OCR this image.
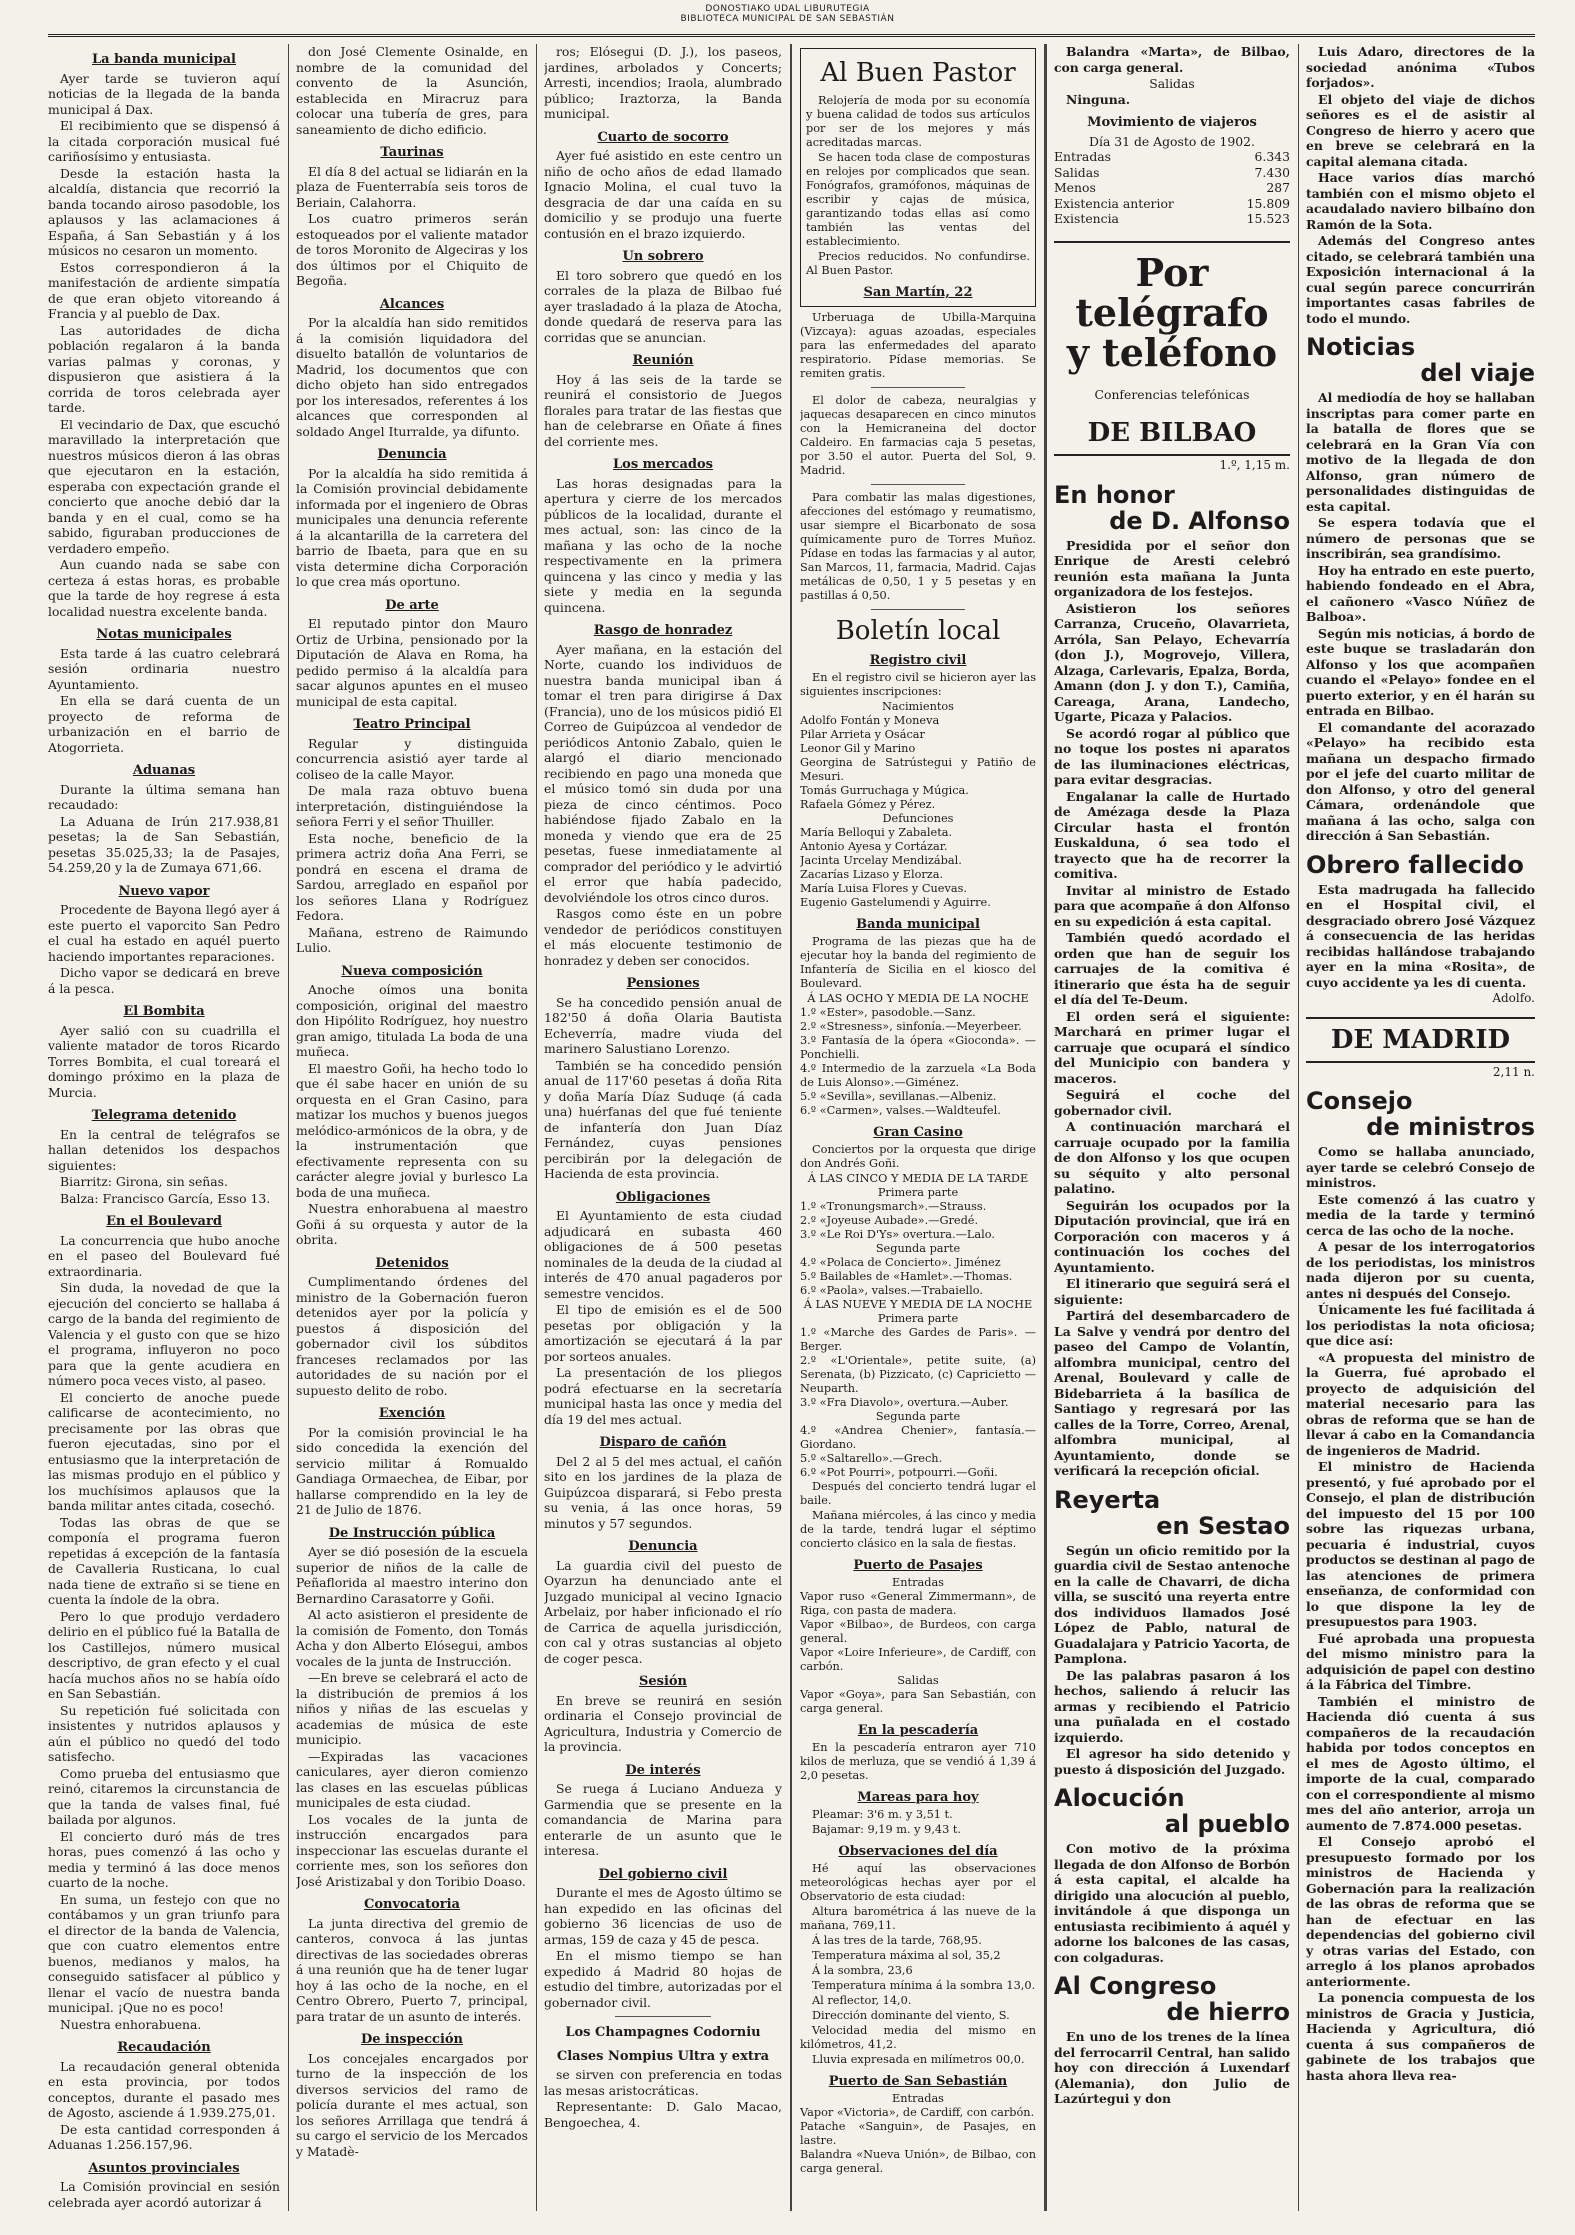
DONOSTIAKO UDAL LIBURUTEGIA
BIBLIOTECA MUNICIPAL DE SAN SEBASTIÁN
La banda municipal

Ayer tarde se tuvieron aquí noticias de la llegada de la banda municipal á Dax.

El recibimiento que se dispensó á la citada corporación musical fué cariñosísimo y entusiasta.

Desde la estación hasta la alcaldía, distancia que recorrió la banda tocando airoso pasodoble, los aplausos y las aclamaciones á España, á San Sebastián y á los músicos no cesaron un momento.

Estos correspondieron á la manifestación de ardiente simpatía de que eran objeto vitoreando á Francia y al pueblo de Dax.

Las autoridades de dicha población regalaron á la banda varias palmas y coronas, y dispusieron que asistiera á la corrida de toros celebrada ayer tarde.

El vecindario de Dax, que escuchó maravillado la interpretación que nuestros músicos dieron á las obras que ejecutaron en la estación, esperaba con expectación grande el concierto que anoche debió dar la banda y en el cual, como se ha sabido, figuraban producciones de verdadero empeño.

Aun cuando nada se sabe con certeza á estas horas, es probable que la tarde de hoy regrese á esta localidad nuestra excelente banda.

Notas municipales

Esta tarde á las cuatro celebrará sesión ordinaria nuestro Ayuntamiento.

En ella se dará cuenta de un proyecto de reforma de urbanización en el barrio de Atogorrieta.

Aduanas

Durante la última semana han recaudado:

La Aduana de Irún 217.938,81 pesetas; la de San Sebastián, pesetas 35.025,33; la de Pasajes, 54.259,20 y la de Zumaya 671,66.

Nuevo vapor

Procedente de Bayona llegó ayer á este puerto el vaporcito San Pedro el cual ha estado en aquél puerto haciendo importantes reparaciones.

Dicho vapor se dedicará en breve á la pesca.

El Bombita

Ayer salió con su cuadrilla el valiente matador de toros Ricardo Torres Bombita, el cual toreará el domingo próximo en la plaza de Murcia.

Telegrama detenido

En la central de telégrafos se hallan detenidos los despachos siguientes:

Biarritz: Girona, sin señas.

Balza: Francisco García, Esso 13.

En el Boulevard

La concurrencia que hubo anoche en el paseo del Boulevard fué extraordinaria.

Sin duda, la novedad de que la ejecución del concierto se hallaba á cargo de la banda del regimiento de Valencia y el gusto con que se hizo el programa, influyeron no poco para que la gente acudiera en número poca veces visto, al paseo.

El concierto de anoche puede calificarse de acontecimiento, no precisamente por las obras que fueron ejecutadas, sino por el entusiasmo que la interpretación de las mismas produjo en el público y los muchísimos aplausos que la banda militar antes citada, cosechó.

Todas las obras de que se componía el programa fueron repetidas á excepción de la fantasía de Cavalleria Rusticana, lo cual nada tiene de extraño si se tiene en cuenta la índole de la obra.

Pero lo que produjo verdadero delirio en el público fué la Batalla de los Castillejos, número musical descriptivo, de gran efecto y el cual hacía muchos años no se había oído en San Sebastián.

Su repetición fué solicitada con insistentes y nutridos aplausos y aún el público no quedó del todo satisfecho.

Como prueba del entusiasmo que reinó, citaremos la circunstancia de que la tanda de valses final, fué bailada por algunos.

El concierto duró más de tres horas, pues comenzó á las ocho y media y terminó á las doce menos cuarto de la noche.

En suma, un festejo con que no contábamos y un gran triunfo para el director de la banda de Valencia, que con cuatro elementos entre buenos, medianos y malos, ha conseguido satisfacer al público y llenar el vacío de nuestra banda municipal. ¡Que no es poco!

Nuestra enhorabuena.

Recaudación

La recaudación general obtenida en esta provincia, por todos conceptos, durante el pasado mes de Agosto, asciende á 1.939.275,01.

De esta cantidad corresponden á Aduanas 1.256.157,96.

Asuntos provinciales

La Comisión provincial en sesión celebrada ayer acordó autorizar á

don José Clemente Osinalde, en nombre de la comunidad del convento de la Asunción, establecida en Miracruz para colocar una tubería de gres, para saneamiento de dicho edificio.

Taurinas

El día 8 del actual se lidiarán en la plaza de Fuenterrabía seis toros de Beriain, Calahorra.

Los cuatro primeros serán estoqueados por el valiente matador de toros Moronito de Algeciras y los dos últimos por el Chiquito de Begoña.

Alcances

Por la alcaldía han sido remitidos á la comisión liquidadora del disuelto batallón de voluntarios de Madrid, los documentos que con dicho objeto han sido entregados por los interesados, referentes á los alcances que corresponden al soldado Angel Iturralde, ya difunto.

Denuncia

Por la alcaldía ha sido remitida á la Comisión provincial debidamente informada por el ingeniero de Obras municipales una denuncia referente á la alcantarilla de la carretera del barrio de Ibaeta, para que en su vista determine dicha Corporación lo que crea más oportuno.

De arte

El reputado pintor don Mauro Ortiz de Urbina, pensionado por la Diputación de Alava en Roma, ha pedido permiso á la alcaldía para sacar algunos apuntes en el museo municipal de esta capital.

Teatro Principal

Regular y distinguida concurrencia asistió ayer tarde al coliseo de la calle Mayor.

De mala raza obtuvo buena interpretación, distinguiéndose la señora Ferri y el señor Thuiller.

Esta noche, beneficio de la primera actriz doña Ana Ferri, se pondrá en escena el drama de Sardou, arreglado en español por los señores Llana y Rodríguez Fedora.

Mañana, estreno de Raimundo Lulio.

Nueva composición

Anoche oímos una bonita composición, original del maestro don Hipólito Rodríguez, hoy nuestro gran amigo, titulada La boda de una muñeca.

El maestro Goñi, ha hecho todo lo que él sabe hacer en unión de su orquesta en el Gran Casino, para matizar los muchos y buenos juegos melódico-armónicos de la obra, y de la instrumentación que efectivamente representa con su carácter alegre jovial y burlesco La boda de una muñeca.

Nuestra enhorabuena al maestro Goñi á su orquesta y autor de la obrita.

Detenidos

Cumplimentando órdenes del ministro de la Gobernación fueron detenidos ayer por la policía y puestos á disposición del gobernador civil los súbditos franceses reclamados por las autoridades de su nación por el supuesto delito de robo.

Exención

Por la comisión provincial le ha sido concedida la exención del servicio militar á Romualdo Gandiaga Ormaechea, de Eibar, por hallarse comprendido en la ley de 21 de Julio de 1876.

De Instrucción pública

Ayer se dió posesión de la escuela superior de niños de la calle de Peñaflorida al maestro interino don Bernardino Carasatorre y Goñi.

Al acto asistieron el presidente de la comisión de Fomento, don Tomás Acha y don Alberto Elósegui, ambos vocales de la junta de Instrucción.

—En breve se celebrará el acto de la distribución de premios á los niños y niñas de las escuelas y academias de música de este municipio.

—Expiradas las vacaciones caniculares, ayer dieron comienzo las clases en las escuelas públicas municipales de esta ciudad.

Los vocales de la junta de instrucción encargados para inspeccionar las escuelas durante el corriente mes, son los señores don José Aristizabal y don Toribio Doaso.

Convocatoria

La junta directiva del gremio de canteros, convoca á las juntas directivas de las sociedades obreras á una reunión que ha de tener lugar hoy á las ocho de la noche, en el Centro Obrero, Puerto 7, principal, para tratar de un asunto de interés.

De inspección

Los concejales encargados por turno de la inspección de los diversos servicios del ramo de policía durante el mes actual, son los señores Arrillaga que tendrá á su cargo el servicio de los Mercados y Matadè-

ros; Elósegui (D. J.), los paseos, jardines, arbolados y Concerts; Arresti, incendios; Iraola, alumbrado público; Iraztorza, la Banda municipal.

Cuarto de socorro

Ayer fué asistido en este centro un niño de ocho años de edad llamado Ignacio Molina, el cual tuvo la desgracia de dar una caída en su domicilio y se produjo una fuerte contusión en el brazo izquierdo.

Un sobrero

El toro sobrero que quedó en los corrales de la plaza de Bilbao fué ayer trasladado á la plaza de Atocha, donde quedará de reserva para las corridas que se anuncian.

Reunión

Hoy á las seis de la tarde se reunirá el consistorio de Juegos florales para tratar de las fiestas que han de celebrarse en Oñate á fines del corriente mes.

Los mercados

Las horas designadas para la apertura y cierre de los mercados públicos de la localidad, durante el mes actual, son: las cinco de la mañana y las ocho de la noche respectivamente en la primera quincena y las cinco y media y las siete y media en la segunda quincena.

Rasgo de honradez

Ayer mañana, en la estación del Norte, cuando los individuos de nuestra banda municipal iban á tomar el tren para dirigirse á Dax (Francia), uno de los músicos pidió El Correo de Guipúzcoa al vendedor de periódicos Antonio Zabalo, quien le alargó el diario mencionado recibiendo en pago una moneda que el músico tomó sin duda por una pieza de cinco céntimos. Poco habiéndose fijado Zabalo en la moneda y viendo que era de 25 pesetas, fuese inmediatamente al comprador del periódico y le advirtió el error que había padecido, devolviéndole los otros cinco duros.

Rasgos como éste en un pobre vendedor de periódicos constituyen el más elocuente testimonio de honradez y deben ser conocidos.

Pensiones

Se ha concedido pensión anual de 182'50 á doña Olaria Bautista Echeverría, madre viuda del marinero Salustiano Lorenzo.

También se ha concedido pensión anual de 117'60 pesetas á doña Rita y doña María Díaz Suduqe (á cada una) huérfanas del que fué teniente de infantería don Juan Díaz Fernández, cuyas pensiones percibirán por la delegación de Hacienda de esta provincia.

Obligaciones

El Ayuntamiento de esta ciudad adjudicará en subasta 460 obligaciones de á 500 pesetas nominales de la deuda de la ciudad al interés de 470 anual pagaderos por semestre vencidos.

El tipo de emisión es el de 500 pesetas por obligación y la amortización se ejecutará á la par por sorteos anuales.

La presentación de los pliegos podrá efectuarse en la secretaría municipal hasta las once y media del día 19 del mes actual.

Disparo de cañón

Del 2 al 5 del mes actual, el cañón sito en los jardines de la plaza de Guipúzcoa disparará, si Febo presta su venia, á las once horas, 59 minutos y 57 segundos.

Denuncia

La guardia civil del puesto de Oyarzun ha denunciado ante el Juzgado municipal al vecino Ignacio Arbelaiz, por haber inficionado el río de Carrica de aquella jurisdicción, con cal y otras sustancias al objeto de coger pesca.

Sesión

En breve se reunirá en sesión ordinaria el Consejo provincial de Agricultura, Industria y Comercio de la provincia.

De interés

Se ruega á Luciano Andueza y Garmendia que se presente en la comandancia de Marina para enterarle de un asunto que le interesa.

Del gobierno civil

Durante el mes de Agosto último se han expedido en las oficinas del gobierno 36 licencias de uso de armas, 159 de caza y 45 de pesca.

En el mismo tiempo se han expedido á Madrid 80 hojas de estudio del timbre, autorizadas por el gobernador civil.

Los Champagnes Codorniu
Clases Nompius Ultra y extra

se sirven con preferencia en todas las mesas aristocráticas.

Representante: D. Galo Macao, Bengoechea, 4.

Al Buen Pastor

Relojería de moda por su economía y buena calidad de todos sus artículos por ser de los mejores y más acreditadas marcas.

Se hacen toda clase de composturas en relojes por complicados que sean. Fonógrafos, gramófonos, máquinas de escribir y cajas de música, garantizando todas ellas así como también las ventas del establecimiento.

Precios reducidos. No confundirse. Al Buen Pastor.

San Martín, 22

Urberuaga de Ubilla-Marquina (Vizcaya): aguas azoadas, especiales para las enfermedades del aparato respiratorio. Pídase memorias. Se remiten gratis.

El dolor de cabeza, neuralgias y jaquecas desaparecen en cinco minutos con la Hemicraneina del doctor Caldeiro. En farmacias caja 5 pesetas, por 3.50 el autor. Puerta del Sol, 9. Madrid.

Para combatir las malas digestiones, afecciones del estómago y reumatismo, usar siempre el Bicarbonato de sosa químicamente puro de Torres Muñoz. Pídase en todas las farmacias y al autor, San Marcos, 11, farmacia, Madrid. Cajas metálicas de 0,50, 1 y 5 pesetas y en pastillas á 0,50.

Boletín local
Registro civil

En el registro civil se hicieron ayer las siguientes inscripciones:

Nacimientos
Adolfo Fontán y Moneva
Pilar Arrieta y Osácar
Leonor Gil y Marino
Georgina de Satrústegui y Patiño de Mesuri.
Tomás Gurruchaga y Múgica.
Rafaela Gómez y Pérez.
Defunciones
María Belloqui y Zabaleta.
Antonio Ayesa y Cortázar.
Jacinta Urcelay Mendizábal.
Zacarías Lizaso y Elorza.
María Luisa Flores y Cuevas.
Eugenio Gastelumendi y Aguirre.
Banda municipal

Programa de las piezas que ha de ejecutar hoy la banda del regimiento de Infantería de Sicilia en el kiosco del Boulevard.

Á LAS OCHO Y MEDIA DE LA NOCHE
1.º «Ester», pasodoble.—Sanz.
2.º «Stresness», sinfonía.—Meyerbeer.
3.º Fantasía de la ópera «Gioconda». —Ponchielli.
4.º Intermedio de la zarzuela «La Boda de Luis Alonso».—Giménez.
5.º «Sevilla», sevillanas.—Albeniz.
6.º «Carmen», valses.—Waldteufel.
Gran Casino

Conciertos por la orquesta que dirige don Andrés Goñi.

Á LAS CINCO Y MEDIA DE LA TARDE
Primera parte
1.º «Tronungsmarch».—Strauss.
2.º «Joyeuse Aubade».—Gredé.
3.º «Le Roi D'Ys» overtura.—Lalo.
Segunda parte
4.º «Polaca de Concierto». Jiménez
5.º Bailables de «Hamlet».—Thomas.
6.º «Paola», valses.—Trabaiello.
Á LAS NUEVE Y MEDIA DE LA NOCHE
Primera parte
1.º «Marche des Gardes de Paris». —Berger.
2.º «L'Orientale», petite suite, (a) Serenata, (b) Pizzicato, (c) Capricietto —Neuparth.
3.º «Fra Diavolo», overtura.—Auber.
Segunda parte
4.º «Andrea Chenier», fantasía.—Giordano.
5.º «Saltarello».—Grech.
6.º «Pot Pourri», potpourri.—Goñi.

Después del concierto tendrá lugar el baile.

Mañana miércoles, á las cinco y media de la tarde, tendrá lugar el séptimo concierto clásico en la sala de fiestas.

Puerto de Pasajes
Entradas
Vapor ruso «General Zimmermann», de Riga, con pasta de madera.
Vapor «Bilbao», de Burdeos, con carga general.
Vapor «Loire Inferieure», de Cardiff, con carbón.
Salidas
Vapor «Goya», para San Sebastián, con carga general.
En la pescadería

En la pescadería entraron ayer 710 kilos de merluza, que se vendió á 1,39 á 2,0 pesetas.

Mareas para hoy

Pleamar: 3'6 m. y 3,51 t.

Bajamar: 9,19 m. y 9,43 t.

Observaciones del día

Hé aquí las observaciones meteorológicas hechas ayer por el Observatorio de esta ciudad:

Altura barométrica á las nueve de la mañana, 769,11.

Á las tres de la tarde, 768,95.

Temperatura máxima al sol, 35,2

Á la sombra, 23,6

Temperatura mínima á la sombra 13,0.

Al reflector, 14,0.

Dirección dominante del viento, S.

Velocidad media del mismo en kilómetros, 41,2.

Lluvia expresada en milímetros 00,0.

Puerto de San Sebastián
Entradas
Vapor «Victoria», de Cardiff, con carbón.
Patache «Sanguin», de Pasajes, en lastre.
Balandra «Nueva Unión», de Bilbao, con carga general.

Balandra «Marta», de Bilbao, con carga general.

Salidas

Ninguna.

Movimiento de viajeros
Día 31 de Agosto de 1902.
Entradas	6.343
Salidas	7.430
Menos	287
Existencia anterior	15.809
Existencia	15.523
Por telégrafo
y teléfono
Conferencias telefónicas
DE BILBAO
1.º, 1,15 m.
En honor

de D. Alfonso

Presidida por el señor don Enrique de Aresti celebró reunión esta mañana la Junta organizadora de los festejos.

Asistieron los señores Carranza, Cruceño, Olavarrieta, Arróla, San Pelayo, Echevarría (don J.), Mogrovejo, Villera, Alzaga, Carlevaris, Epalza, Borda, Amann (don J. y don T.), Camiña, Careaga, Arana, Landecho, Ugarte, Picaza y Palacios.

Se acordó rogar al público que no toque los postes ni aparatos de las iluminaciones eléctricas, para evitar desgracias.

Engalanar la calle de Hurtado de Amézaga desde la Plaza Circular hasta el frontón Euskalduna, ó sea todo el trayecto que ha de recorrer la comitiva.

Invitar al ministro de Estado para que acompañe á don Alfonso en su expedición á esta capital.

También quedó acordado el orden que han de seguir los carruajes de la comitiva é itinerario que ésta ha de seguir el día del Te-Deum.

El orden será el siguiente: Marchará en primer lugar el carruaje que ocupará el síndico del Municipio con bandera y maceros.

Seguirá el coche del gobernador civil.

A continuación marchará el carruaje ocupado por la familia de don Alfonso y los que ocupen su séquito y alto personal palatino.

Seguirán los ocupados por la Diputación provincial, que irá en Corporación con maceros y á continuación los coches del Ayuntamiento.

El itinerario que seguirá será el siguiente:

Partirá del desembarcadero de La Salve y vendrá por dentro del paseo del Campo de Volantín, alfombra municipal, centro del Arenal, Boulevard y calle de Bidebarrieta á la basílica de Santiago y regresará por las calles de la Torre, Correo, Arenal, alfombra municipal, al Ayuntamiento, donde se verificará la recepción oficial.

Reyerta

en Sestao

Según un oficio remitido por la guardia civil de Sestao antenoche en la calle de Chavarri, de dicha villa, se suscitó una reyerta entre dos individuos llamados José López de Pablo, natural de Guadalajara y Patricio Yacorta, de Pamplona.

De las palabras pasaron á los hechos, saliendo á relucir las armas y recibiendo el Patricio una puñalada en el costado izquierdo.

El agresor ha sido detenido y puesto á disposición del Juzgado.

Alocución

al pueblo

Con motivo de la próxima llegada de don Alfonso de Borbón á esta capital, el alcalde ha dirigido una alocución al pueblo, invitándole á que disponga un entusiasta recibimiento á aquél y adorne los balcones de las casas, con colgaduras.

Al Congreso

de hierro

En uno de los trenes de la línea del ferrocarril Central, han salido hoy con dirección á Luxendarf (Alemania), don Julio de Lazúrtegui y don

Luis Adaro, directores de la sociedad anónima «Tubos forjados».

El objeto del viaje de dichos señores es el de asistir al Congreso de hierro y acero que en breve se celebrará en la capital alemana citada.

Hace varios días marchó también con el mismo objeto el acaudalado naviero bilbaíno don Ramón de la Sota.

Además del Congreso antes citado, se celebrará también una Exposición internacional á la cual según parece concurrirán importantes casas fabriles de todo el mundo.

Noticias

del viaje

Al mediodía de hoy se hallaban inscriptas para comer parte en la batalla de flores que se celebrará en la Gran Vía con motivo de la llegada de don Alfonso, gran número de personalidades distinguidas de esta capital.

Se espera todavía que el número de personas que se inscribirán, sea grandísimo.

Hoy ha entrado en este puerto, habiendo fondeado en el Abra, el cañonero «Vasco Núñez de Balboa».

Según mis noticias, á bordo de este buque se trasladarán don Alfonso y los que acompañen cuando el «Pelayo» fondee en el puerto exterior, y en él harán su entrada en Bilbao.

El comandante del acorazado «Pelayo» ha recibido esta mañana un despacho firmado por el jefe del cuarto militar de don Alfonso, y otro del general Cámara, ordenándole que mañana á las ocho, salga con dirección á San Sebastián.

Obrero fallecido

Esta madrugada ha fallecido en el Hospital civil, el desgraciado obrero José Vázquez á consecuencia de las heridas recibidas hallándose trabajando ayer en la mina «Rosita», de cuyo accidente ya les di cuenta.

Adolfo.
DE MADRID
2,11 n.
Consejo

de ministros

Como se hallaba anunciado, ayer tarde se celebró Consejo de ministros.

Este comenzó á las cuatro y media de la tarde y terminó cerca de las ocho de la noche.

A pesar de los interrogatorios de los periodistas, los ministros nada dijeron por su cuenta, antes ni después del Consejo.

Únicamente les fué facilitada á los periodistas la nota oficiosa; que dice así:

«A propuesta del ministro de la Guerra, fué aprobado el proyecto de adquisición del material necesario para las obras de reforma que se han de llevar á cabo en la Comandancia de ingenieros de Madrid.

El ministro de Hacienda presentó, y fué aprobado por el Consejo, el plan de distribución del impuesto del 15 por 100 sobre las riquezas urbana, pecuaria é industrial, cuyos productos se destinan al pago de las atenciones de primera enseñanza, de conformidad con lo que dispone la ley de presupuestos para 1903.

Fué aprobada una propuesta del mismo ministro para la adquisición de papel con destino á la Fábrica del Timbre.

También el ministro de Hacienda dió cuenta á sus compañeros de la recaudación habida por todos conceptos en el mes de Agosto último, el importe de la cual, comparado con el correspondiente al mismo mes del año anterior, arroja un aumento de 7.874.000 pesetas.

El Consejo aprobó el presupuesto formado por los ministros de Hacienda y Gobernación para la realización de las obras de reforma que se han de efectuar en las dependencias del gobierno civil y otras varias del Estado, con arreglo á los planos aprobados anteriormente.

La ponencia compuesta de los ministros de Gracia y Justicia, Hacienda y Agricultura, dió cuenta á sus compañeros de gabinete de los trabajos que hasta ahora lleva rea-
